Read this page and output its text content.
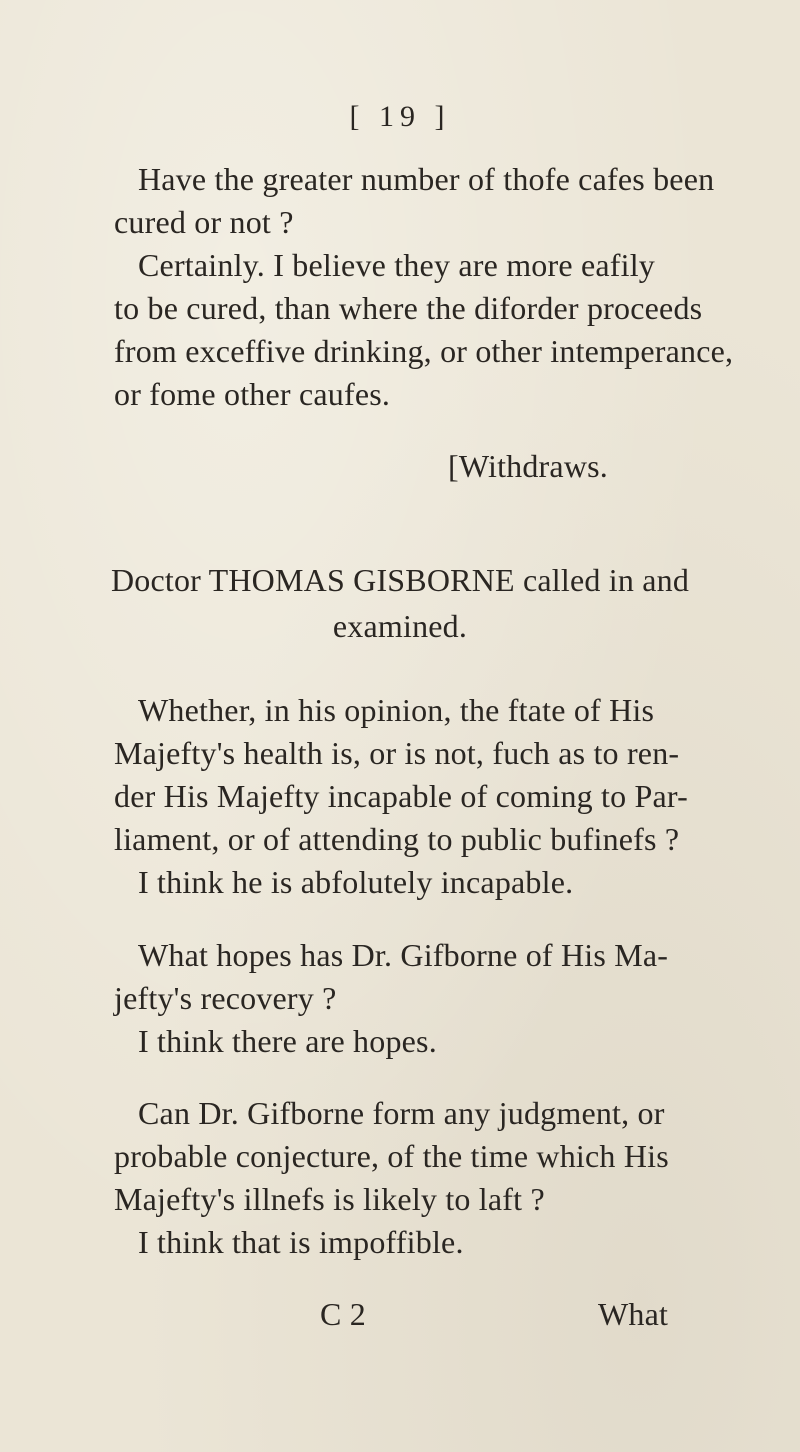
[ 19 ]
Have the greater number of thofe cafes been
cured or not ?
Certainly. I believe they are more eafily
to be cured, than where the diforder proceeds
from exceffive drinking, or other intemperance,
or fome other caufes.
[Withdraws.
Doctor THOMAS GISBORNE called in and
examined.
Whether, in his opinion, the ftate of His
Majefty's health is, or is not, fuch as to ren-
der His Majefty incapable of coming to Par-
liament, or of attending to public bufinefs ?
I think he is abfolutely incapable.
What hopes has Dr. Gifborne of His Ma-
jefty's recovery ?
I think there are hopes.
Can Dr. Gifborne form any judgment, or
probable conjecture, of the time which His
Majefty's illnefs is likely to laft ?
I think that is impoffible.
C 2	What
